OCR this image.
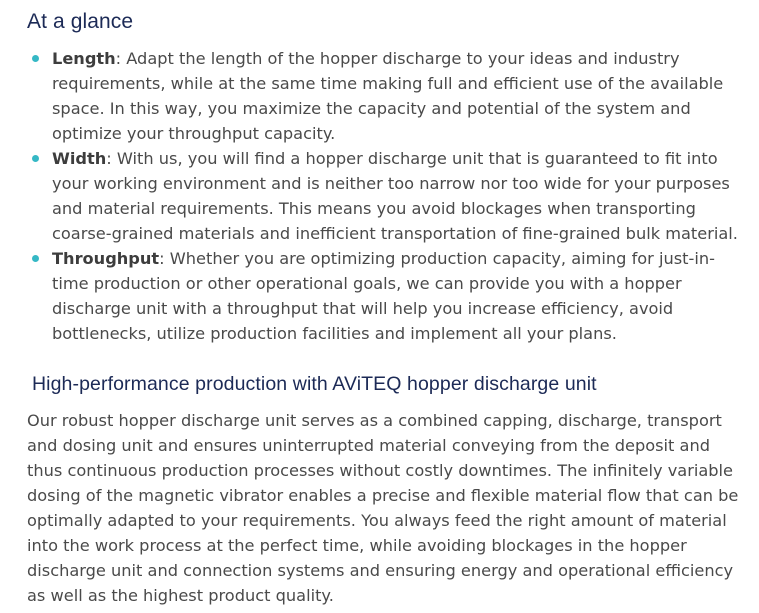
At a glance
Length: Adapt the length of the hopper discharge to your ideas and industry requirements, while at the same time making full and efficient use of the available space. In this way, you maximize the capacity and potential of the system and optimize your throughput capacity.
Width: With us, you will find a hopper discharge unit that is guaranteed to fit into your working environment and is neither too narrow nor too wide for your purposes and material requirements. This means you avoid blockages when transporting coarse-grained materials and inefficient transportation of fine-grained bulk material.
Throughput: Whether you are optimizing production capacity, aiming for just-in-time production or other operational goals, we can provide you with a hopper discharge unit with a throughput that will help you increase efficiency, avoid bottlenecks, utilize production facilities and implement all your plans.
High-performance production with AViTEQ hopper discharge unit

Our robust hopper discharge unit serves as a combined capping, discharge, transport and dosing unit and ensures uninterrupted material conveying from the deposit and thus continuous production processes without costly downtimes. The infinitely variable dosing of the magnetic vibrator enables a precise and flexible material flow that can be optimally adapted to your requirements. You always feed the right amount of material into the work process at the perfect time, while avoiding blockages in the hopper discharge unit and connection systems and ensuring energy and operational efficiency as well as the highest product quality.
